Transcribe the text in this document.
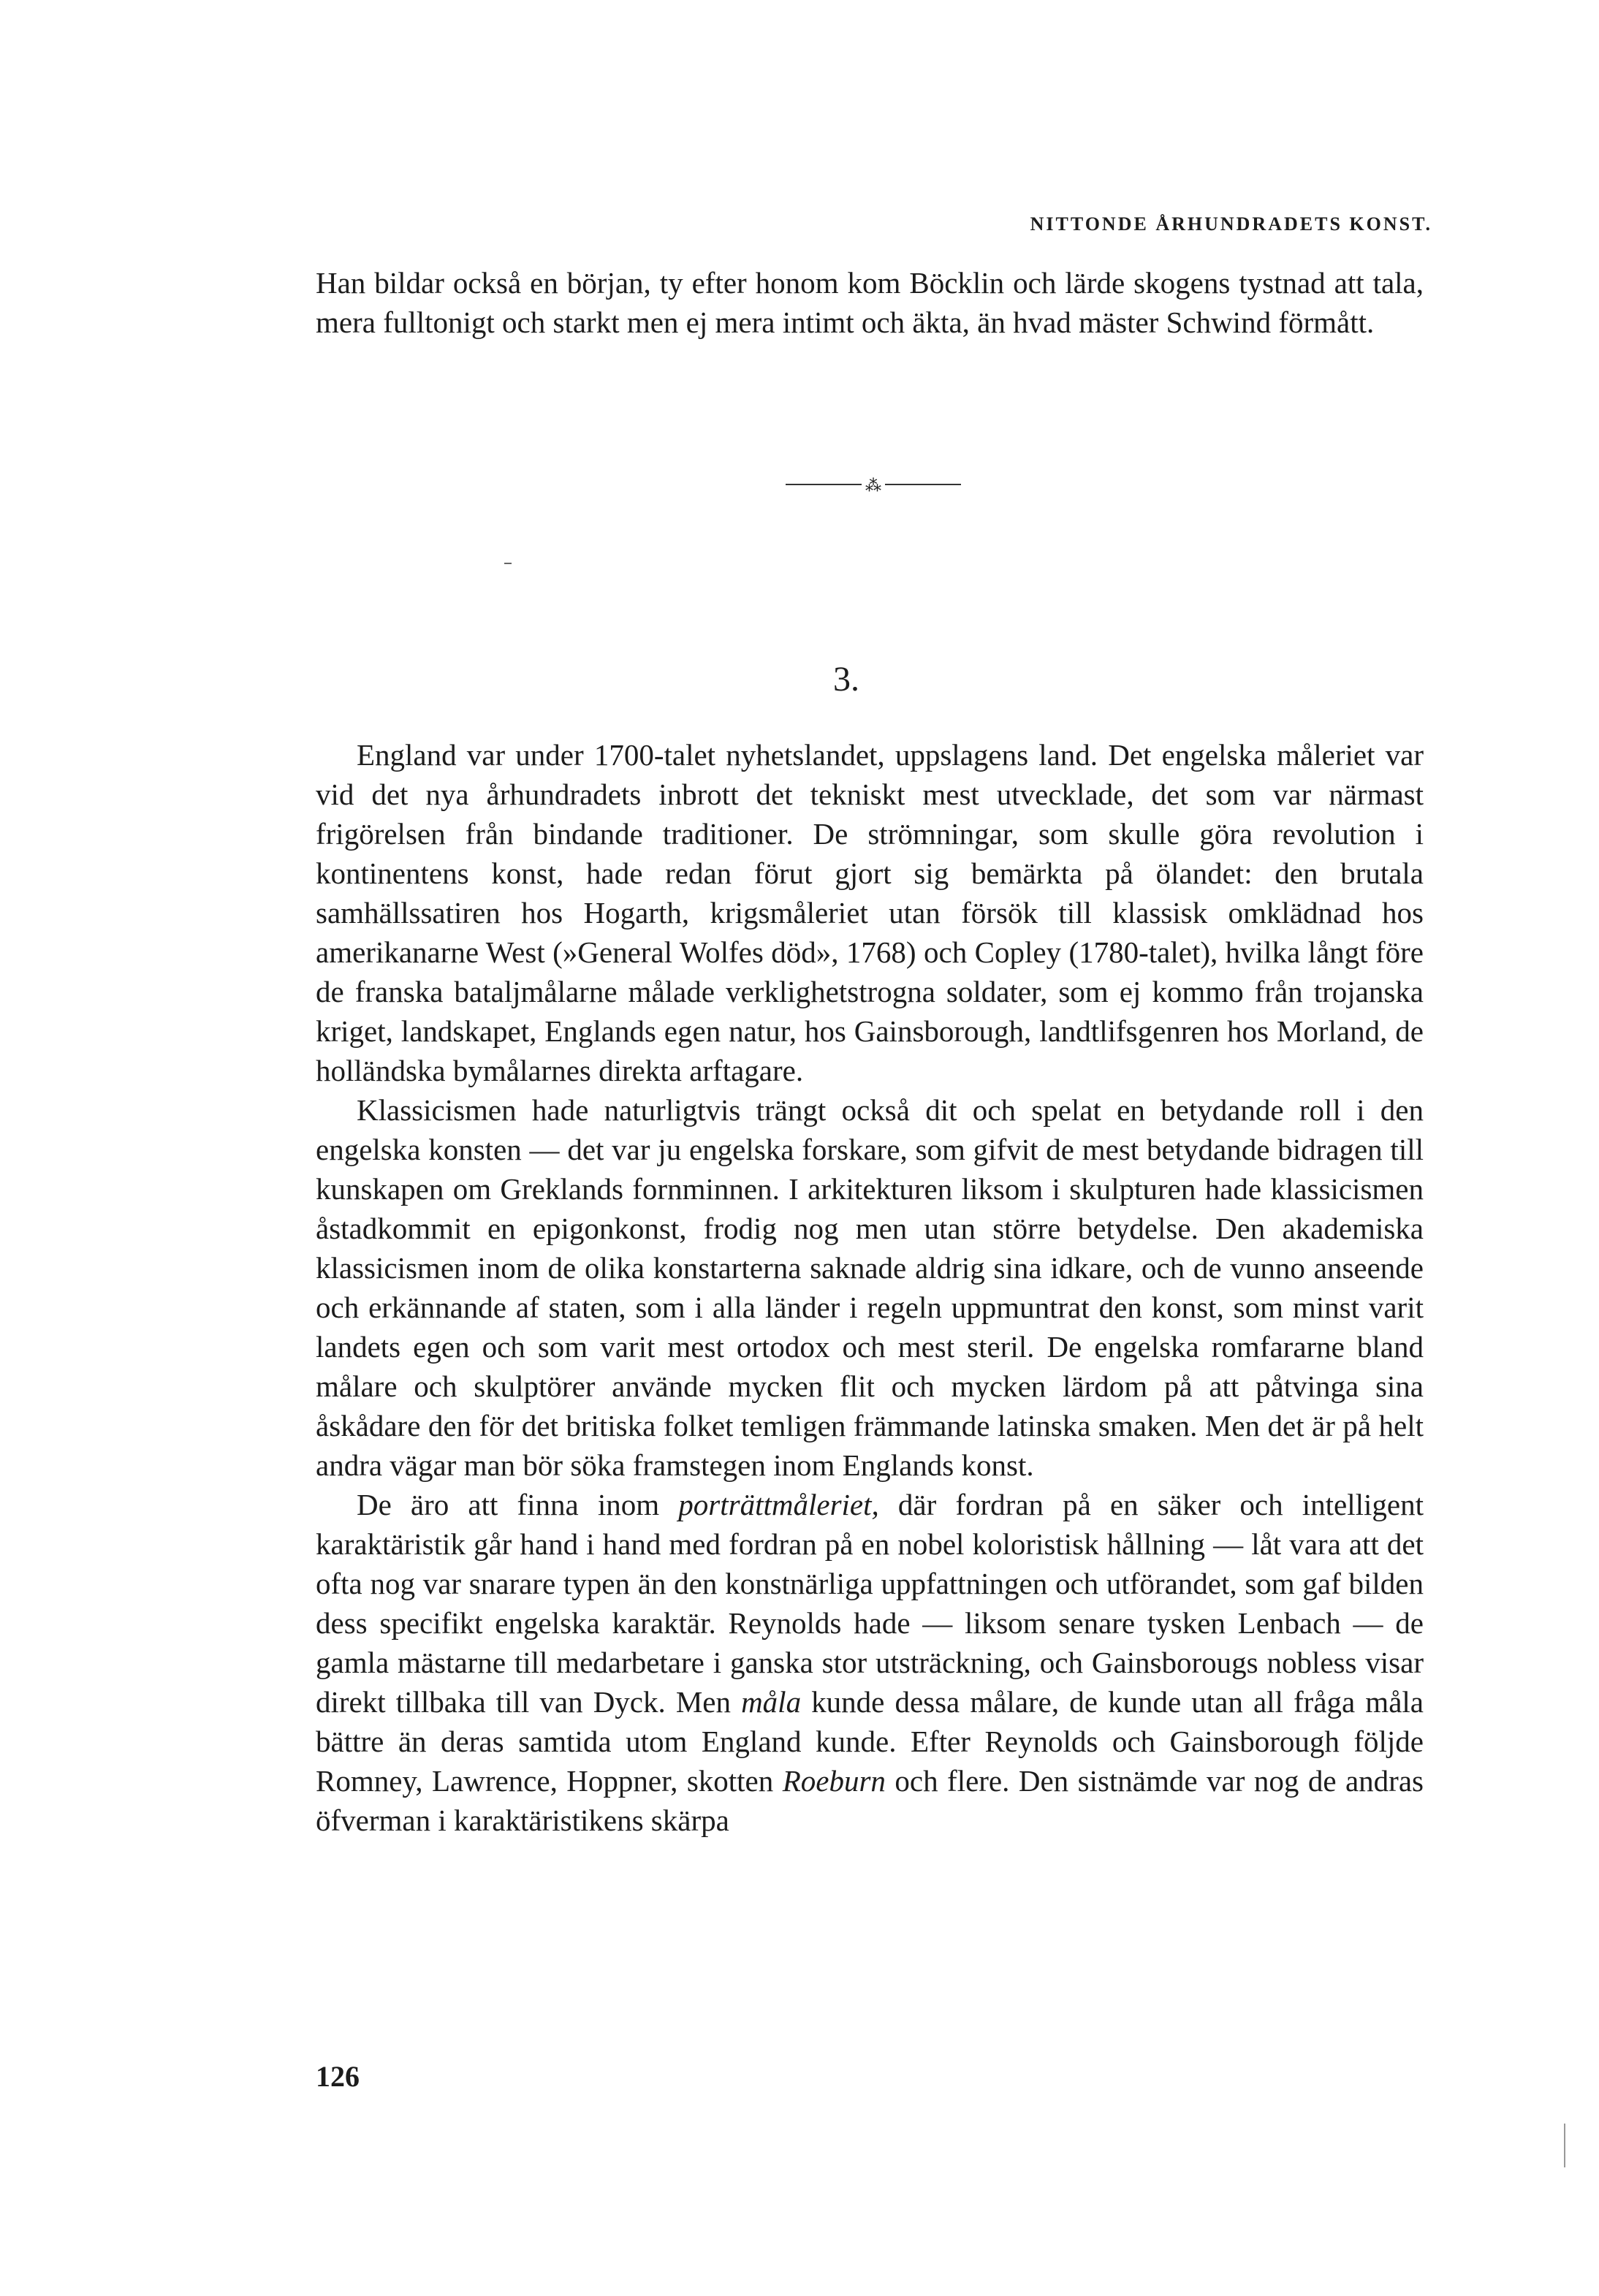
NITTONDE ÅRHUNDRADETS KONST.

Han bildar också en början, ty efter honom kom Böcklin och lärde skogens tystnad att tala, mera fulltonigt och starkt men ej mera intimt och äkta, än hvad mäster Schwind förmått.

⁂
3.

England var under 1700-talet nyhetslandet, uppslagens land. Det engelska måleriet var vid det nya århundradets inbrott det tekniskt mest utvecklade, det som var närmast frigörelsen från bindande traditioner. De strömningar, som skulle göra revolution i kontinentens konst, hade redan förut gjort sig bemärkta på ölandet: den brutala samhällssatiren hos Hogarth, krigsmåleriet utan försök till klassisk omklädnad hos amerikanarne West (»General Wolfes död», 1768) och Copley (1780-talet), hvilka långt före de franska bataljmålarne målade verklighetstrogna soldater, som ej kommo från trojanska kriget, landskapet, Englands egen natur, hos Gainsborough, landtlifsgenren hos Morland, de holländska bymålarnes direkta arftagare.

Klassicismen hade naturligtvis trängt också dit och spelat en betydande roll i den engelska konsten — det var ju engelska forskare, som gifvit de mest betydande bidragen till kunskapen om Greklands fornminnen. I arkitekturen liksom i skulpturen hade klassicismen åstadkommit en epigonkonst, frodig nog men utan större betydelse. Den akademiska klassicismen inom de olika konstarterna saknade aldrig sina idkare, och de vunno anseende och erkännande af staten, som i alla länder i regeln uppmuntrat den konst, som minst varit landets egen och som varit mest ortodox och mest steril. De engelska romfararne bland målare och skulptörer använde mycken flit och mycken lärdom på att påtvinga sina åskådare den för det britiska folket temligen främmande latinska smaken. Men det är på helt andra vägar man bör söka framstegen inom Englands konst.

De äro att finna inom porträttmåleriet, där fordran på en säker och intelligent karaktäristik går hand i hand med fordran på en nobel koloristisk hållning — låt vara att det ofta nog var snarare typen än den konstnärliga uppfattningen och utförandet, som gaf bilden dess specifikt engelska karaktär. Reynolds hade — liksom senare tysken Lenbach — de gamla mästarne till medarbetare i ganska stor utsträckning, och Gainsborougs nobless visar direkt tillbaka till van Dyck. Men måla kunde dessa målare, de kunde utan all fråga måla bättre än deras samtida utom England kunde. Efter Reynolds och Gainsborough följde Romney, Lawrence, Hoppner, skotten Roeburn och flere. Den sistnämde var nog de andras öfverman i karaktäristikens skärpa

126
